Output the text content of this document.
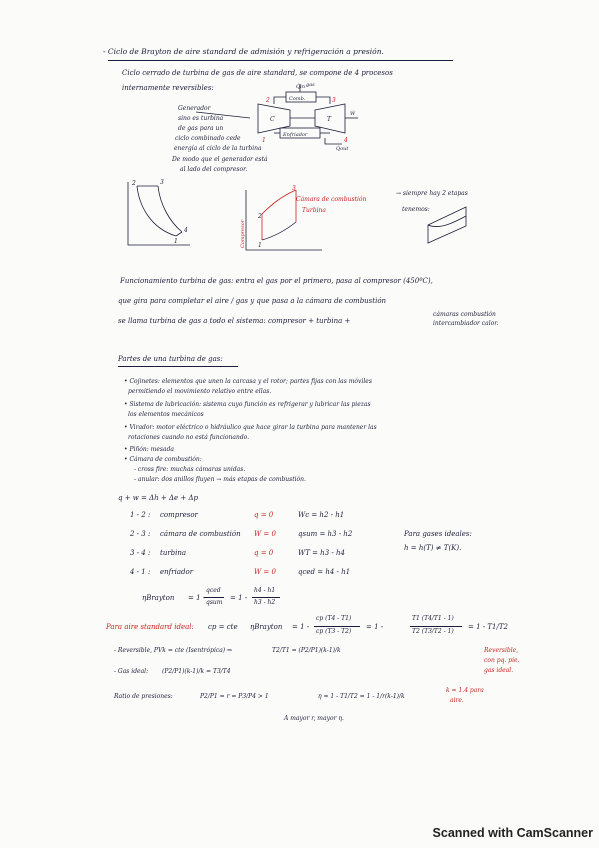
- Ciclo de Brayton de aire standard de admisión y refrigeración a presión.
Ciclo cerrado de turbina de gas de aire standard, se compone de 4 procesos
internamente reversibles:
Generador
sino es turbina
de gas para un
ciclo combinado cede
energía al ciclo de la turbina
De modo que el generador está
al lado del compresor.
2	3
1	4
C	T
Enfriador
Comb.
Q̇in gas
Ẇ
Q̇out
2	3
1
4
2
3
1
Compresor
Cámara de combustión
Turbina
→ siempre hay 2 etapas
tenemos:
Funcionamiento turbina de gas: entra el gas por el primero, pasa al compresor (450ºC),
que gira para completar el aire / gas y que pasa a la cámara de combustión
se llama turbina de gas a todo el sistema: compresor + turbina +
cámaras combustión
intercambiador calor.
Partes de una turbina de gas:
• Cojinetes: elementos que unen la carcasa y el rotor; partes fijas con las móviles
permitiendo el movimiento relativo entre ellas.
• Sistema de lubricación: sistema cuyo función es refrigerar y lubricar las piezas
los elementos mecánicos
• Virador: motor eléctrico o hidráulico que hace girar la turbina para mantener las
rotaciones cuando no está funcionando.
• Piñón: mesada
• Cámara de combustión:
- cross fire: muchas cámaras unidas.
- anular: dos anillos fluyen → más etapas de combustión.
q + w = Δh + Δe + Δp
1 - 2 : compresor	q = 0	Wc = h2 - h1
2 - 3 : cámara de combustión W = 0	qsum = h3 - h2
3 - 4 : turbina	q = 0	WT = h3 - h4
4 - 1 : enfriador	W = 0	qced = h4 - h1
Para gases ideales:
h = h(T) ≠ T(K).
ηBrayton = 1 -
qced
qsum
= 1 -
h4 - h1
h3 - h2
Para aire standard ideal: cp = cte ηBrayton = 1 -
cp (T4 - T1)
cp (T3 - T2)
= 1 -
T1 (T4/T1 - 1)
T2 (T3/T2 - 1)
= 1 - T1/T2
- Reversible, PVk = cte (Isentrópica) ⇒	T2/T1 = (P2/P1)(k-1)/k	Reversible,
con pq. pie.
gas ideal.
- Gas ideal: (P2/P1)(k-1)/k = T3/T4
Ratio de presiones:	P2/P1 = r = P3/P4 > 1	η = 1 - T1/T2 = 1 - 1/r(k-1)/k
k = 1.4 para
aire.
A mayor r, mayor η.
Scanned with CamScanner
